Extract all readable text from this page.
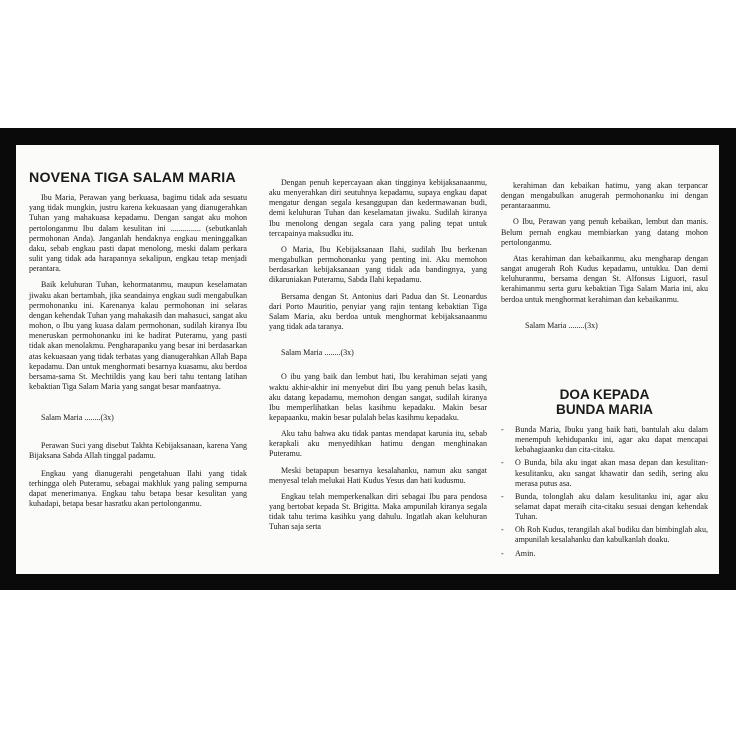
NOVENA TIGA SALAM MARIA

Ibu Maria, Perawan yang berkuasa, bagimu tidak ada sesuatu yang tidak mungkin, justru karena kekuasaan yang dianugerahkan Tuhan yang mahakuasa kepadamu. Dengan sangat aku mohon pertolonganmu Ibu dalam kesulitan ini ............... (sebutkanlah permohonan Anda). Janganlah hendaknya engkau meninggalkan daku, sebab engkau pasti dapat menolong, meski dalam perkara sulit yang tidak ada harapannya sekalipun, engkau tetap menjadi perantara.

Baik keluhuran Tuhan, kehormatanmu, maupun keselamatan jiwaku akan bertambah, jika seandainya engkau sudi mengabulkan permohonanku ini. Karenanya kalau permohonan ini selaras dengan kehendak Tuhan yang mahakasih dan mahasuci, sangat aku mohon, o Ibu yang kuasa dalam permohonan, sudilah kiranya Ibu meneruskan permohonanku ini ke hadirat Puteramu, yang pasti tidak akan menolakmu. Pengharapanku yang besar ini berdasarkan atas kekuasaan yang tidak terbatas yang dianugerahkan Allah Bapa kepadamu. Dan untuk menghormati besarnya kuasamu, aku berdoa bersama-sama St. Mechtildis yang kau beri tahu tentang latihan kebaktian Tiga Salam Maria yang sangat besar manfaatnya.

Salam Maria ........(3x)

Perawan Suci yang disebut Takhta Kebijaksanaan, karena Yang Bijaksana Sabda Allah tinggal padamu.

Engkau yang dianugerahi pengetahuan Ilahi yang tidak terhingga oleh Puteramu, sebagai makhluk yang paling sempurna dapat menerimanya. Engkau tahu betapa besar kesulitan yang kuhadapi, betapa besar hasratku akan pertolonganmu.

Dengan penuh kepercayaan akan tingginya kebijaksanaanmu, aku menyerahkan diri seutuhnya kepadamu, supaya engkau dapat mengatur dengan segala kesanggupan dan kedermawanan budi, demi keluhuran Tuhan dan keselamatan jiwaku. Sudilah kiranya Ibu menolong dengan segala cara yang paling tepat untuk tercapainya maksudku itu.

O Maria, Ibu Kebijaksanaan Ilahi, sudilah Ibu berkenan mengabulkan permohonanku yang penting ini. Aku memohon berdasarkan kebijaksanaan yang tidak ada bandingnya, yang dikaruniakan Puteramu, Sabda Ilahi kepadamu.

Bersama dengan St. Antonius dari Padua dan St. Leonardus dari Porto Mauritio, penyiar yang rajin tentang kebaktian Tiga Salam Maria, aku berdoa untuk menghormat kebijaksanaanmu yang tidak ada taranya.

Salam Maria ........(3x)

O ibu yang baik dan lembut hati, Ibu kerahiman sejati yang waktu akhir-akhir ini menyebut diri Ibu yang penuh belas kasih, aku datang kepadamu, memohon dengan sangat, sudilah kiranya Ibu memperlihatkan belas kasihmu kepadaku. Makin besar kepapaanku, makin besar pulalah belas kasihmu kepadaku.

Aku tahu bahwa aku tidak pantas mendapat karunia itu, sebab kerapkali aku menyedihkan hatimu dengan menghinakan Puteramu.

Meski betapapun besarnya kesalahanku, namun aku sangat menyesal telah melukai Hati Kudus Yesus dan hati kudusmu.

Engkau telah memperkenalkan diri sebagai Ibu para pendosa yang bertobat kepada St. Brigitta. Maka ampunilah kiranya segala tidak tahu terima kasihku yang dahulu. Ingatlah akan keluhuran Tuhan saja serta

kerahiman dan kebaikan hatimu, yang akan terpancar dengan mengabulkan anugerah permohonanku ini dengan perantaraanmu.

O Ibu, Perawan yang penuh kebaikan, lembut dan manis. Belum pernah engkau membiarkan yang datang mohon pertolonganmu.

Atas kerahiman dan kebaikanmu, aku mengharap dengan sangat anugerah Roh Kudus kepadamu, untukku. Dan demi keluhuranmu, bersama dengan St. Alfonsus Liguori, rasul kerahimanmu serta guru kebaktian Tiga Salam Maria ini, aku berdoa untuk menghormat kerahiman dan kebaikanmu.

Salam Maria ........(3x)

DOA KEPADA
BUNDA MARIA
- Bunda Maria, Ibuku yang baik hati, bantulah aku dalam menempuh kehidupanku ini, agar aku dapat mencapai kebahagiaanku dan cita-citaku.
- O Bunda, bila aku ingat akan masa depan dan kesulitan-kesulitanku, aku sangat khawatir dan sedih, sering aku merasa putus asa.
- Bunda, tolonglah aku dalam kesulitanku ini, agar aku selamat dapat meraih cita-citaku sesuai dengan kehendak Tuhan.
- Oh Roh Kudus, terangilah akal budiku dan bimbinglah aku, ampunilah kesalahanku dan kabulkanlah doaku.
- Amin.
